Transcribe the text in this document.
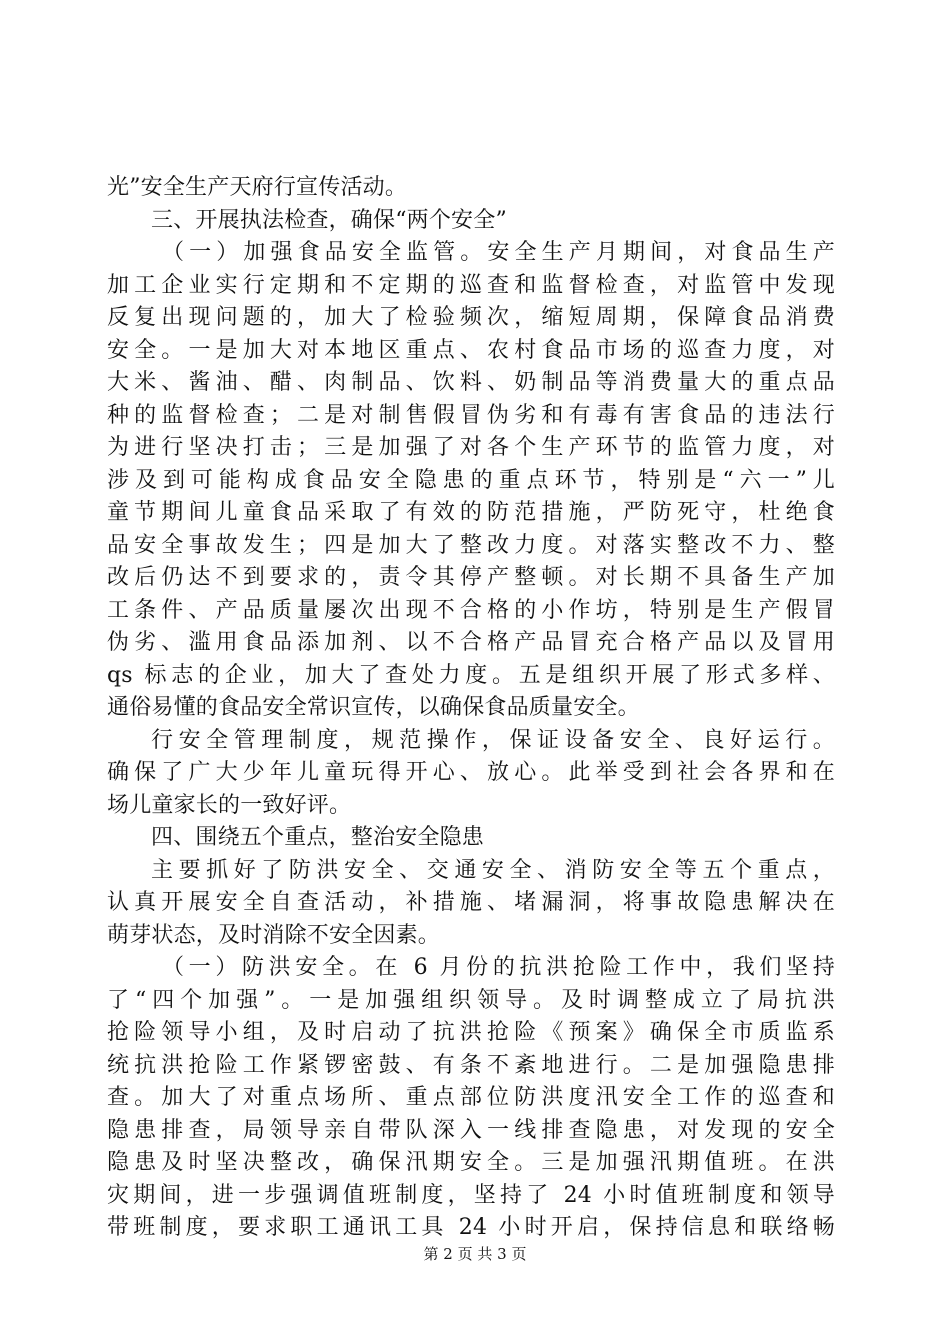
光”安全生产天府行宣传活动。
三、开展执法检查，确保“两个安全”
（一）加强食品安全监管。安全生产月期间，对食品生产
加工企业实行定期和不定期的巡查和监督检查，对监管中发现
反复出现问题的，加大了检验频次，缩短周期，保障食品消费
安全。一是加大对本地区重点、农村食品市场的巡查力度，对
大米、酱油、醋、肉制品、饮料、奶制品等消费量大的重点品
种的监督检查；二是对制售假冒伪劣和有毒有害食品的违法行
为进行坚决打击；三是加强了对各个生产环节的监管力度，对
涉及到可能构成食品安全隐患的重点环节，特别是“六一”儿
童节期间儿童食品采取了有效的防范措施，严防死守，杜绝食
品安全事故发生；四是加大了整改力度。对落实整改不力、整
改后仍达不到要求的，责令其停产整顿。对长期不具备生产加
工条件、产品质量屡次出现不合格的小作坊，特别是生产假冒
伪劣、滥用食品添加剂、以不合格产品冒充合格产品以及冒用
qs 标志的企业，加大了查处力度。五是组织开展了形式多样、
通俗易懂的食品安全常识宣传，以确保食品质量安全。
行安全管理制度，规范操作，保证设备安全、良好运行。
确保了广大少年儿童玩得开心、放心。此举受到社会各界和在
场儿童家长的一致好评。
四、围绕五个重点，整治安全隐患
主要抓好了防洪安全、交通安全、消防安全等五个重点，
认真开展安全自查活动，补措施、堵漏洞，将事故隐患解决在
萌芽状态，及时消除不安全因素。
（一）防洪安全。在 6 月份的抗洪抢险工作中，我们坚持
了“四个加强”。一是加强组织领导。及时调整成立了局抗洪
抢险领导小组，及时启动了抗洪抢险《预案》确保全市质监系
统抗洪抢险工作紧锣密鼓、有条不紊地进行。二是加强隐患排
查。加大了对重点场所、重点部位防洪度汛安全工作的巡查和
隐患排查，局领导亲自带队深入一线排查隐患，对发现的安全
隐患及时坚决整改，确保汛期安全。三是加强汛期值班。在洪
灾期间，进一步强调值班制度，坚持了 24 小时值班制度和领导
带班制度，要求职工通讯工具 24 小时开启，保持信息和联络畅
第 2 页 共 3 页
